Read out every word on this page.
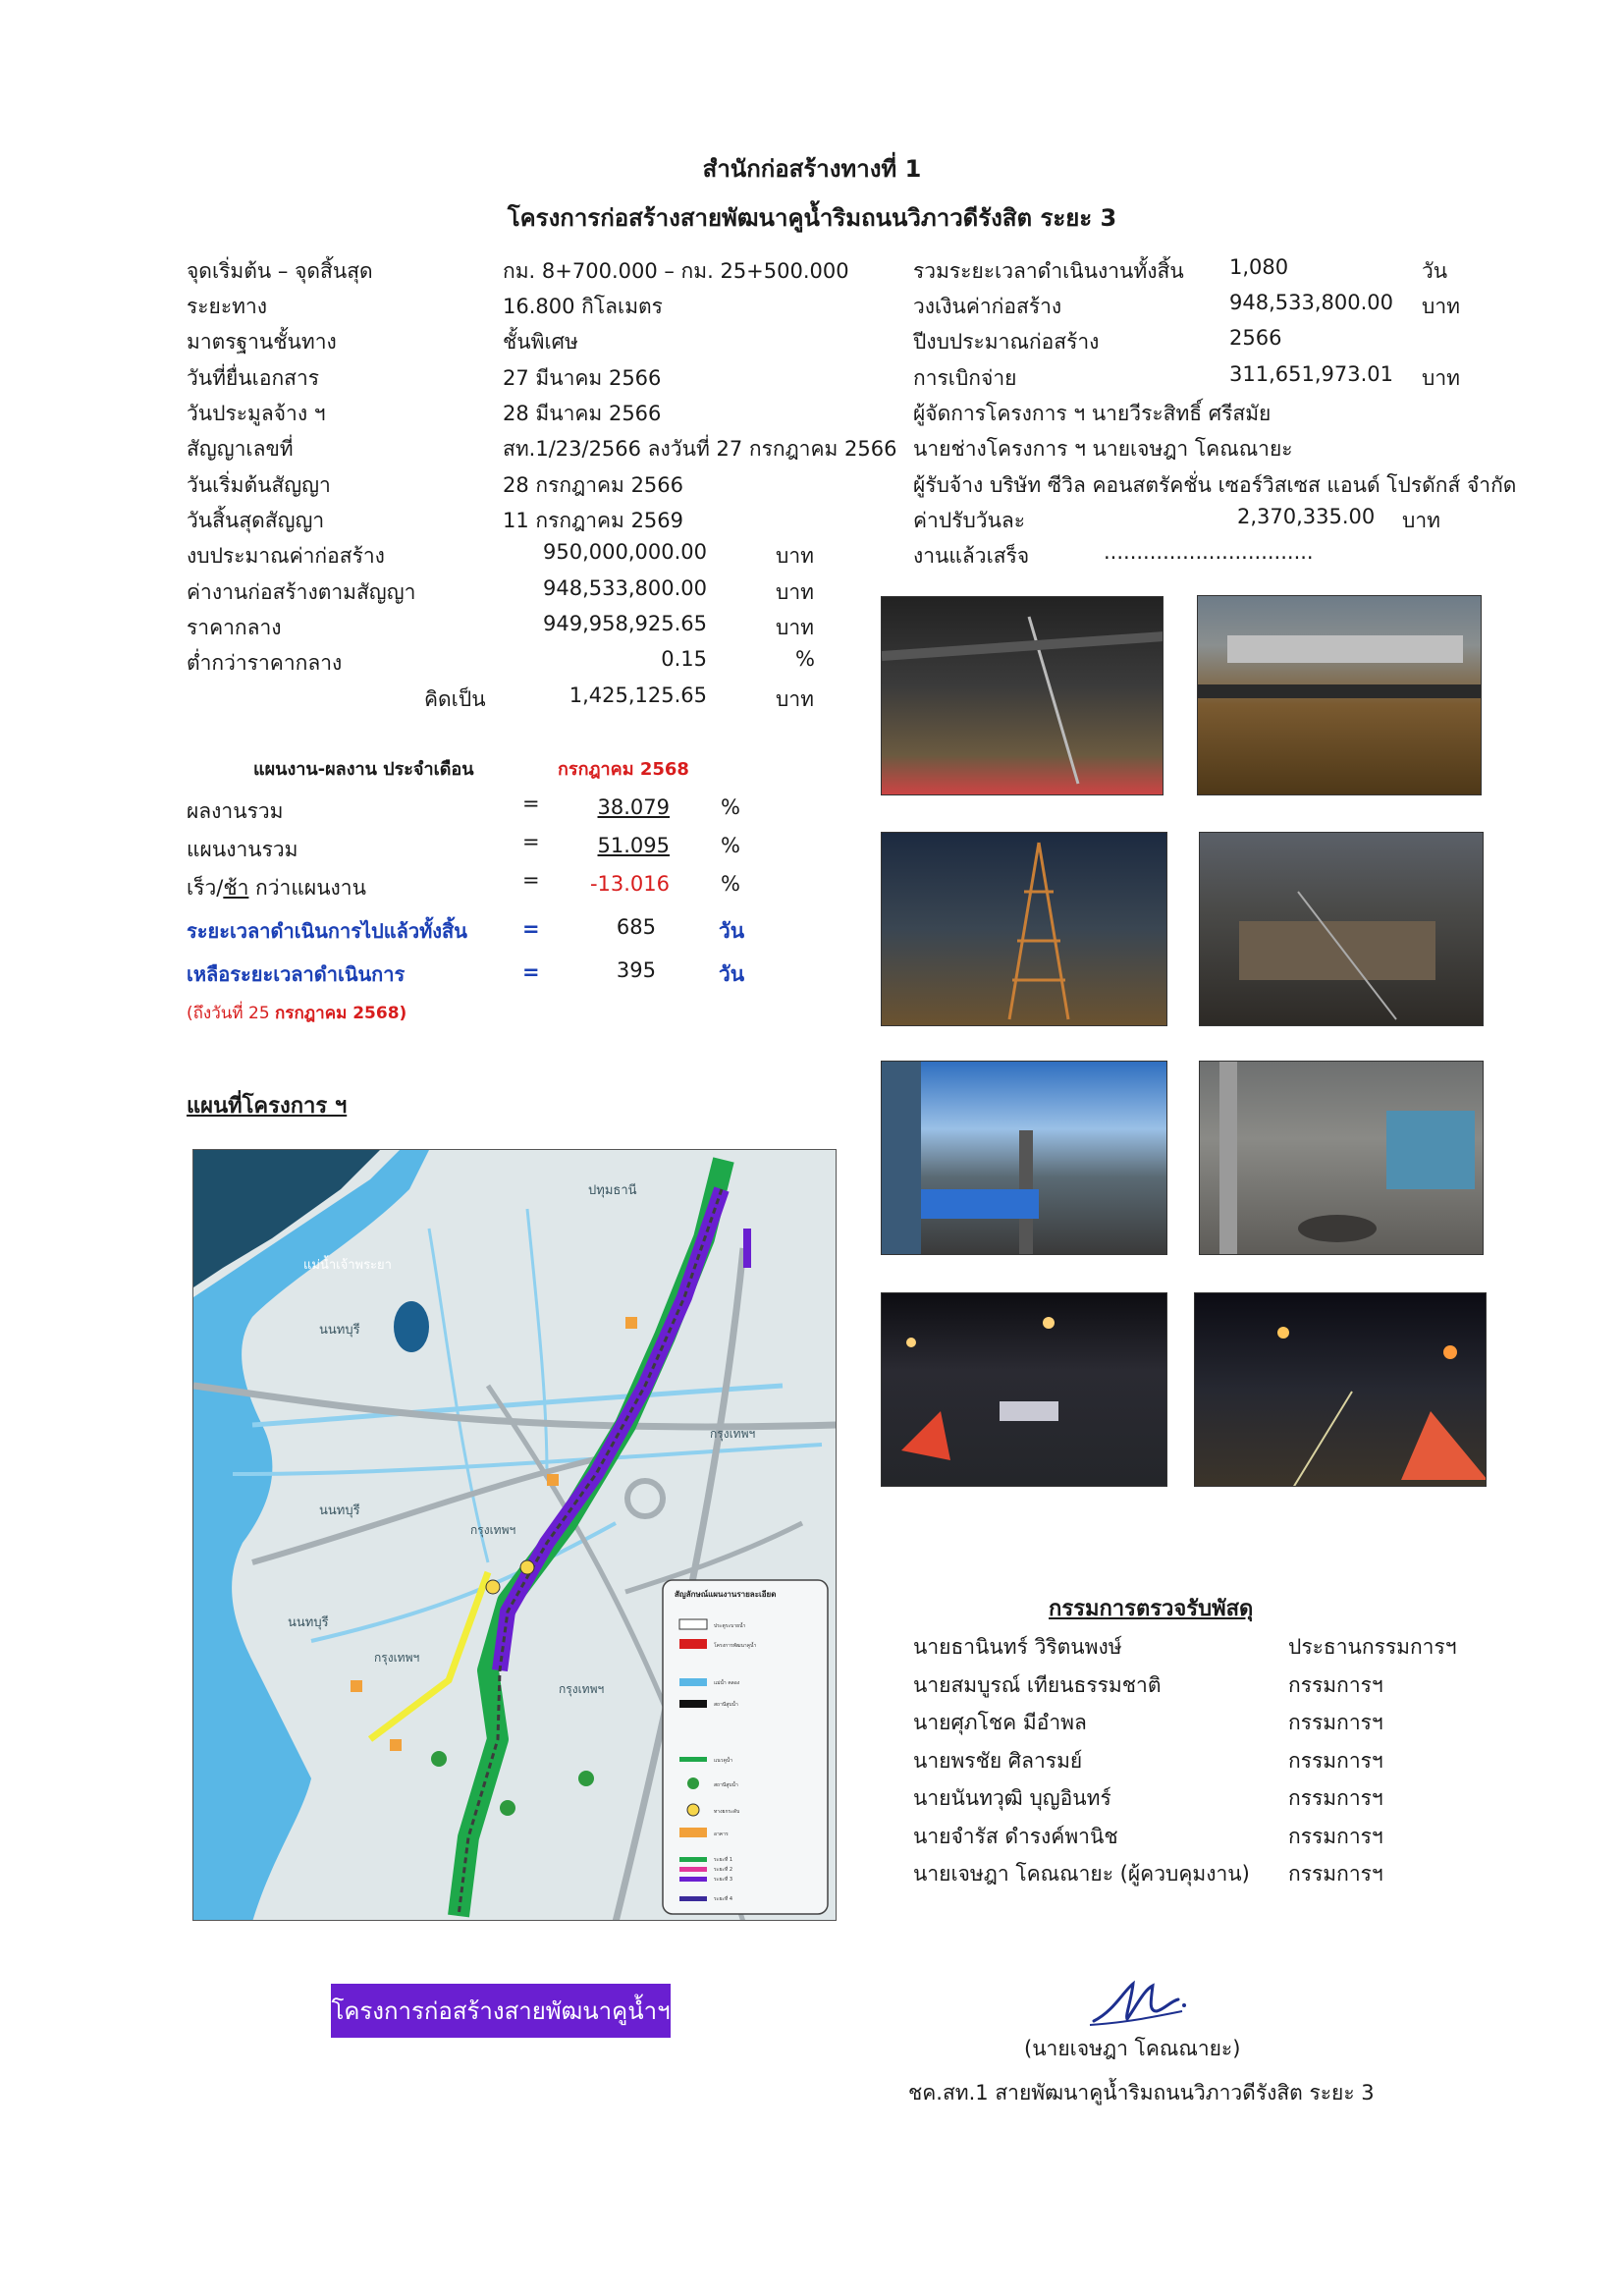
สำนักก่อสร้างทางที่ 1
โครงการก่อสร้างสายพัฒนาคูน้ำริมถนนวิภาวดีรังสิต ระยะ 3
จุดเริ่มต้น – จุดสิ้นสุด	กม. 8+700.000 – กม. 25+500.000
ระยะทาง	16.800 กิโลเมตร
มาตรฐานชั้นทาง	ชั้นพิเศษ
วันที่ยื่นเอกสาร	27 มีนาคม 2566
วันประมูลจ้าง ฯ	28 มีนาคม 2566
สัญญาเลขที่	สท.1/23/2566 ลงวันที่ 27 กรกฎาคม 2566
วันเริ่มต้นสัญญา	28 กรกฎาคม 2566
วันสิ้นสุดสัญญา	11 กรกฎาคม 2569
งบประมาณค่าก่อสร้าง	950,000,000.00	บาท
ค่างานก่อสร้างตามสัญญา	948,533,800.00	บาท
ราคากลาง	949,958,925.65	บาท
ต่ำกว่าราคากลาง	0.15	%
คิดเป็น	1,425,125.65	บาท
รวมระยะเวลาดำเนินงานทั้งสิ้น 1,080	วัน
วงเงินค่าก่อสร้าง	948,533,800.00 บาท
ปีงบประมาณก่อสร้าง	2566
การเบิกจ่าย	311,651,973.01 บาท
ผู้จัดการโครงการ ฯ นายวีระสิทธิ์ ศรีสมัย
นายช่างโครงการ ฯ นายเจษฎา โคณณายะ
ผู้รับจ้าง บริษัท ซีวิล คอนสตรัคชั่น เซอร์วิสเซส แอนด์ โปรดักส์ จำกัด
ค่าปรับวันละ	2,370,335.00 บาท
งานแล้วเสร็จ	................................
แผนงาน-ผลงาน ประจำเดือน	กรกฎาคม 2568
ผลงานรวม	=	38.079 %
แผนงานรวม	=	51.095 %
เร็ว/ช้า กว่าแผนงาน	=	-13.016 %
ระยะเวลาดำเนินการไปแล้วทั้งสิ้น	=	685	วัน
เหลือระยะเวลาดำเนินการ	=	395	วัน
(ถึงวันที่ 25 กรกฎาคม 2568)
แผนที่โครงการ ฯ
ประตูระบายน้ำ
โครงการพัฒนาคูน้ำ
แม่น้ำ คลอง
สถานีสูบน้ำ
แนวคูน้ำ
สถานีสูบน้ำ
ทางยกระดับ
อาคาร
ระยะที่ 1
ระยะที่ 2
ระยะที่ 3
ระยะที่ 4
ปทุมธานี
แม่น้ำเจ้าพระยา
นนทบุรี
นนทบุรี
นนทบุรี
กรุงเทพฯ
กรุงเทพฯ
กรุงเทพฯ
กรุงเทพฯ
สัญลักษณ์แผนงานรายละเอียด
กรรมการตรวจรับพัสดุ
นายธานินทร์ วิริตนพงษ์	ประธานกรรมการฯ
นายสมบูรณ์ เทียนธรรมชาติ	กรรมการฯ
นายศุภโชค มีอำพล	กรรมการฯ
นายพรชัย ศิลารมย์	กรรมการฯ
นายนันทวุฒิ บุญอินทร์	กรรมการฯ
นายจำรัส ดำรงค์พานิช	กรรมการฯ
นายเจษฎา โคณณายะ (ผู้ควบคุมงาน) กรรมการฯ
โครงการก่อสร้างสายพัฒนาคูน้ำฯ
(นายเจษฎา โคณณายะ)
ชค.สท.1 สายพัฒนาคูน้ำริมถนนวิภาวดีรังสิต ระยะ 3
